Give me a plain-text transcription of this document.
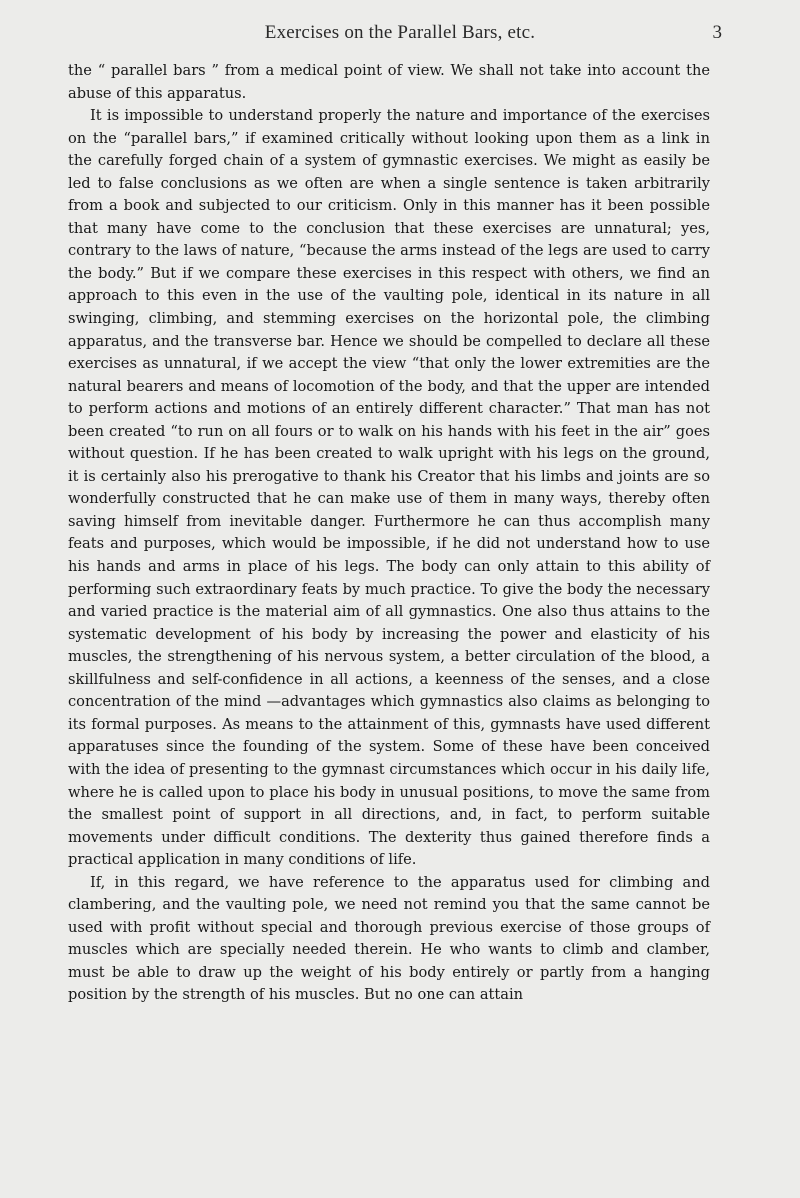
Exercises on the Parallel Bars, etc.	3

the “ parallel bars ” from a medical point of view. We shall not take into account the abuse of this apparatus.

It is impossible to understand properly the nature and importance of the exercises on the “parallel bars,” if examined critically without looking upon them as a link in the carefully forged chain of a system of gymnastic exercises. We might as easily be led to false conclusions as we often are when a single sentence is taken arbitrarily from a book and subjected to our criticism. Only in this manner has it been possible that many have come to the conclusion that these exercises are unnatural; yes, contrary to the laws of nature, “because the arms instead of the legs are used to carry the body.” But if we compare these exercises in this respect with others, we find an approach to this even in the use of the vaulting pole, identical in its nature in all swinging, climbing, and stemming exercises on the horizontal pole, the climbing apparatus, and the transverse bar. Hence we should be compelled to declare all these exercises as unnatural, if we accept the view “that only the lower extremities are the natural bearers and means of locomotion of the body, and that the upper are intended to perform actions and motions of an entirely different character.” That man has not been created “to run on all fours or to walk on his hands with his feet in the air” goes without question. If he has been created to walk upright with his legs on the ground, it is certainly also his prerogative to thank his Creator that his limbs and joints are so wonderfully constructed that he can make use of them in many ways, thereby often saving himself from inevitable danger. Furthermore he can thus accomplish many feats and purposes, which would be impossible, if he did not understand how to use his hands and arms in place of his legs. The body can only attain to this ability of performing such extraordinary feats by much practice. To give the body the necessary and varied practice is the material aim of all gymnastics. One also thus attains to the systematic development of his body by increasing the power and elasticity of his muscles, the strengthening of his nervous system, a better circulation of the blood, a skillfulness and self-confidence in all actions, a keenness of the senses, and a close concentration of the mind —advantages which gymnastics also claims as belonging to its formal purposes. As means to the attainment of this, gymnasts have used different apparatuses since the founding of the system. Some of these have been conceived with the idea of presenting to the gymnast circumstances which occur in his daily life, where he is called upon to place his body in unusual positions, to move the same from the smallest point of support in all directions, and, in fact, to perform suitable movements under difficult conditions. The dexterity thus gained therefore finds a practical application in many conditions of life.

If, in this regard, we have reference to the apparatus used for climbing and clambering, and the vaulting pole, we need not remind you that the same cannot be used with profit without special and thorough previous exercise of those groups of muscles which are specially needed therein. He who wants to climb and clamber, must be able to draw up the weight of his body entirely or partly from a hanging position by the strength of his muscles. But no one can attain
